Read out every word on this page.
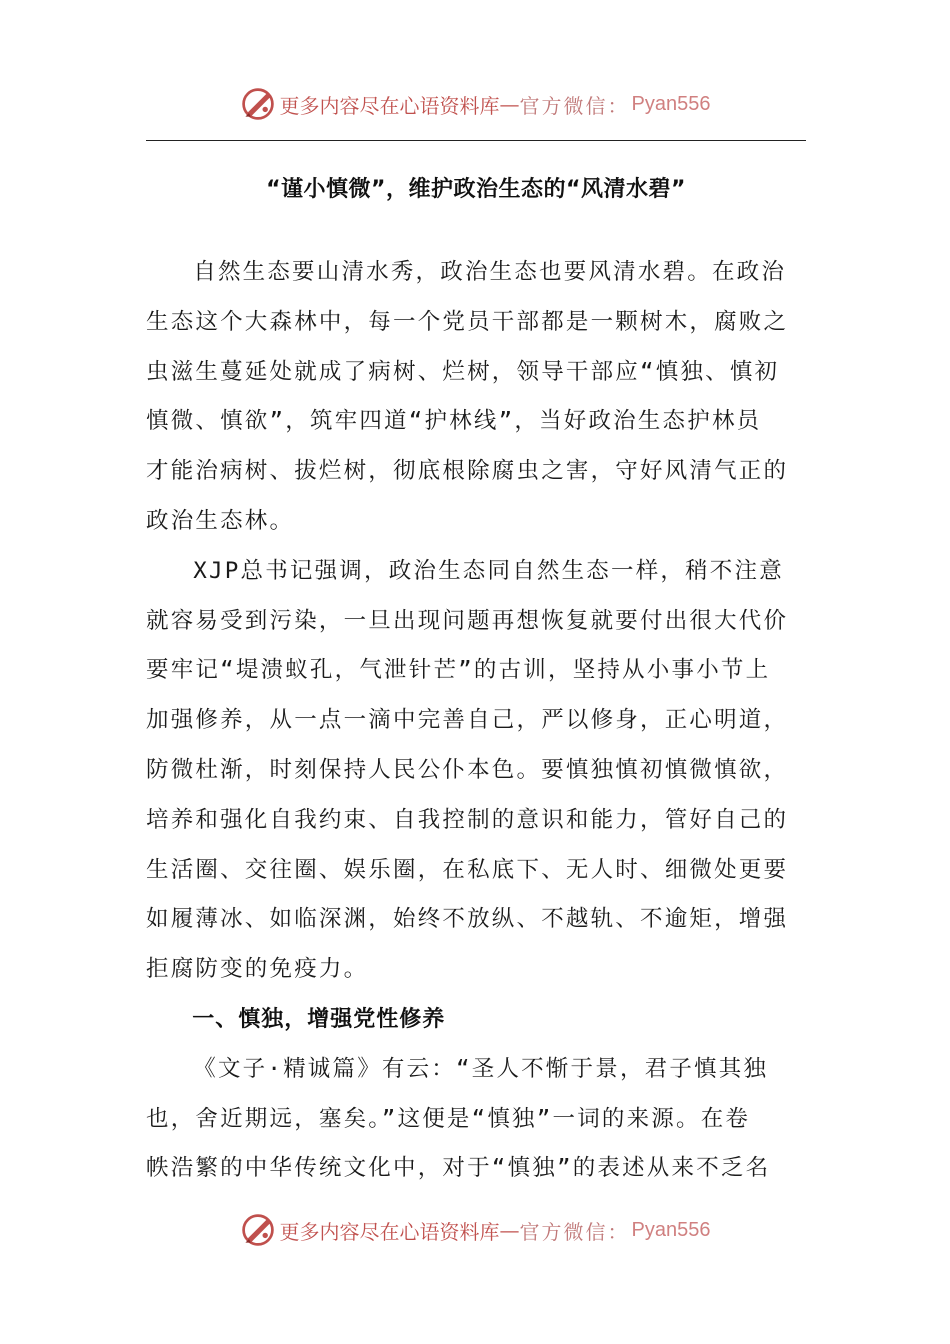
更多内容尽在心语资料库 — 官方微信： Pyan556
“谨小慎微”，维护政治生态的“风清水碧”

自然生态要山清水秀，政治生态也要风清水碧。在政治
生态这个大森林中，每一个党员干部都是一颗树木，腐败之
虫滋生蔓延处就成了病树、烂树，领导干部应“慎独、慎初
慎微、慎欲”，筑牢四道“护林线”，当好政治生态护林员
才能治病树、拔烂树，彻底根除腐虫之害，守好风清气正的
政治生态林。

XJP总书记强调，政治生态同自然生态一样，稍不注意
就容易受到污染，一旦出现问题再想恢复就要付出很大代价
要牢记“堤溃蚁孔，气泄针芒”的古训，坚持从小事小节上
加强修养，从一点一滴中完善自己，严以修身，正心明道，
防微杜渐，时刻保持人民公仆本色。要慎独慎初慎微慎欲，
培养和强化自我约束、自我控制的意识和能力，管好自己的
生活圈、交往圈、娱乐圈，在私底下、无人时、细微处更要
如履薄冰、如临深渊，始终不放纵、不越轨、不逾矩，增强
拒腐防变的免疫力。

一、慎独，增强党性修养

《文子·精诚篇》有云：“圣人不惭于景，君子慎其独
也，舍近期远，塞矣。”这便是“慎独”一词的来源。在卷
帙浩繁的中华传统文化中，对于“慎独”的表述从来不乏名

更多内容尽在心语资料库 — 官方微信： Pyan556
